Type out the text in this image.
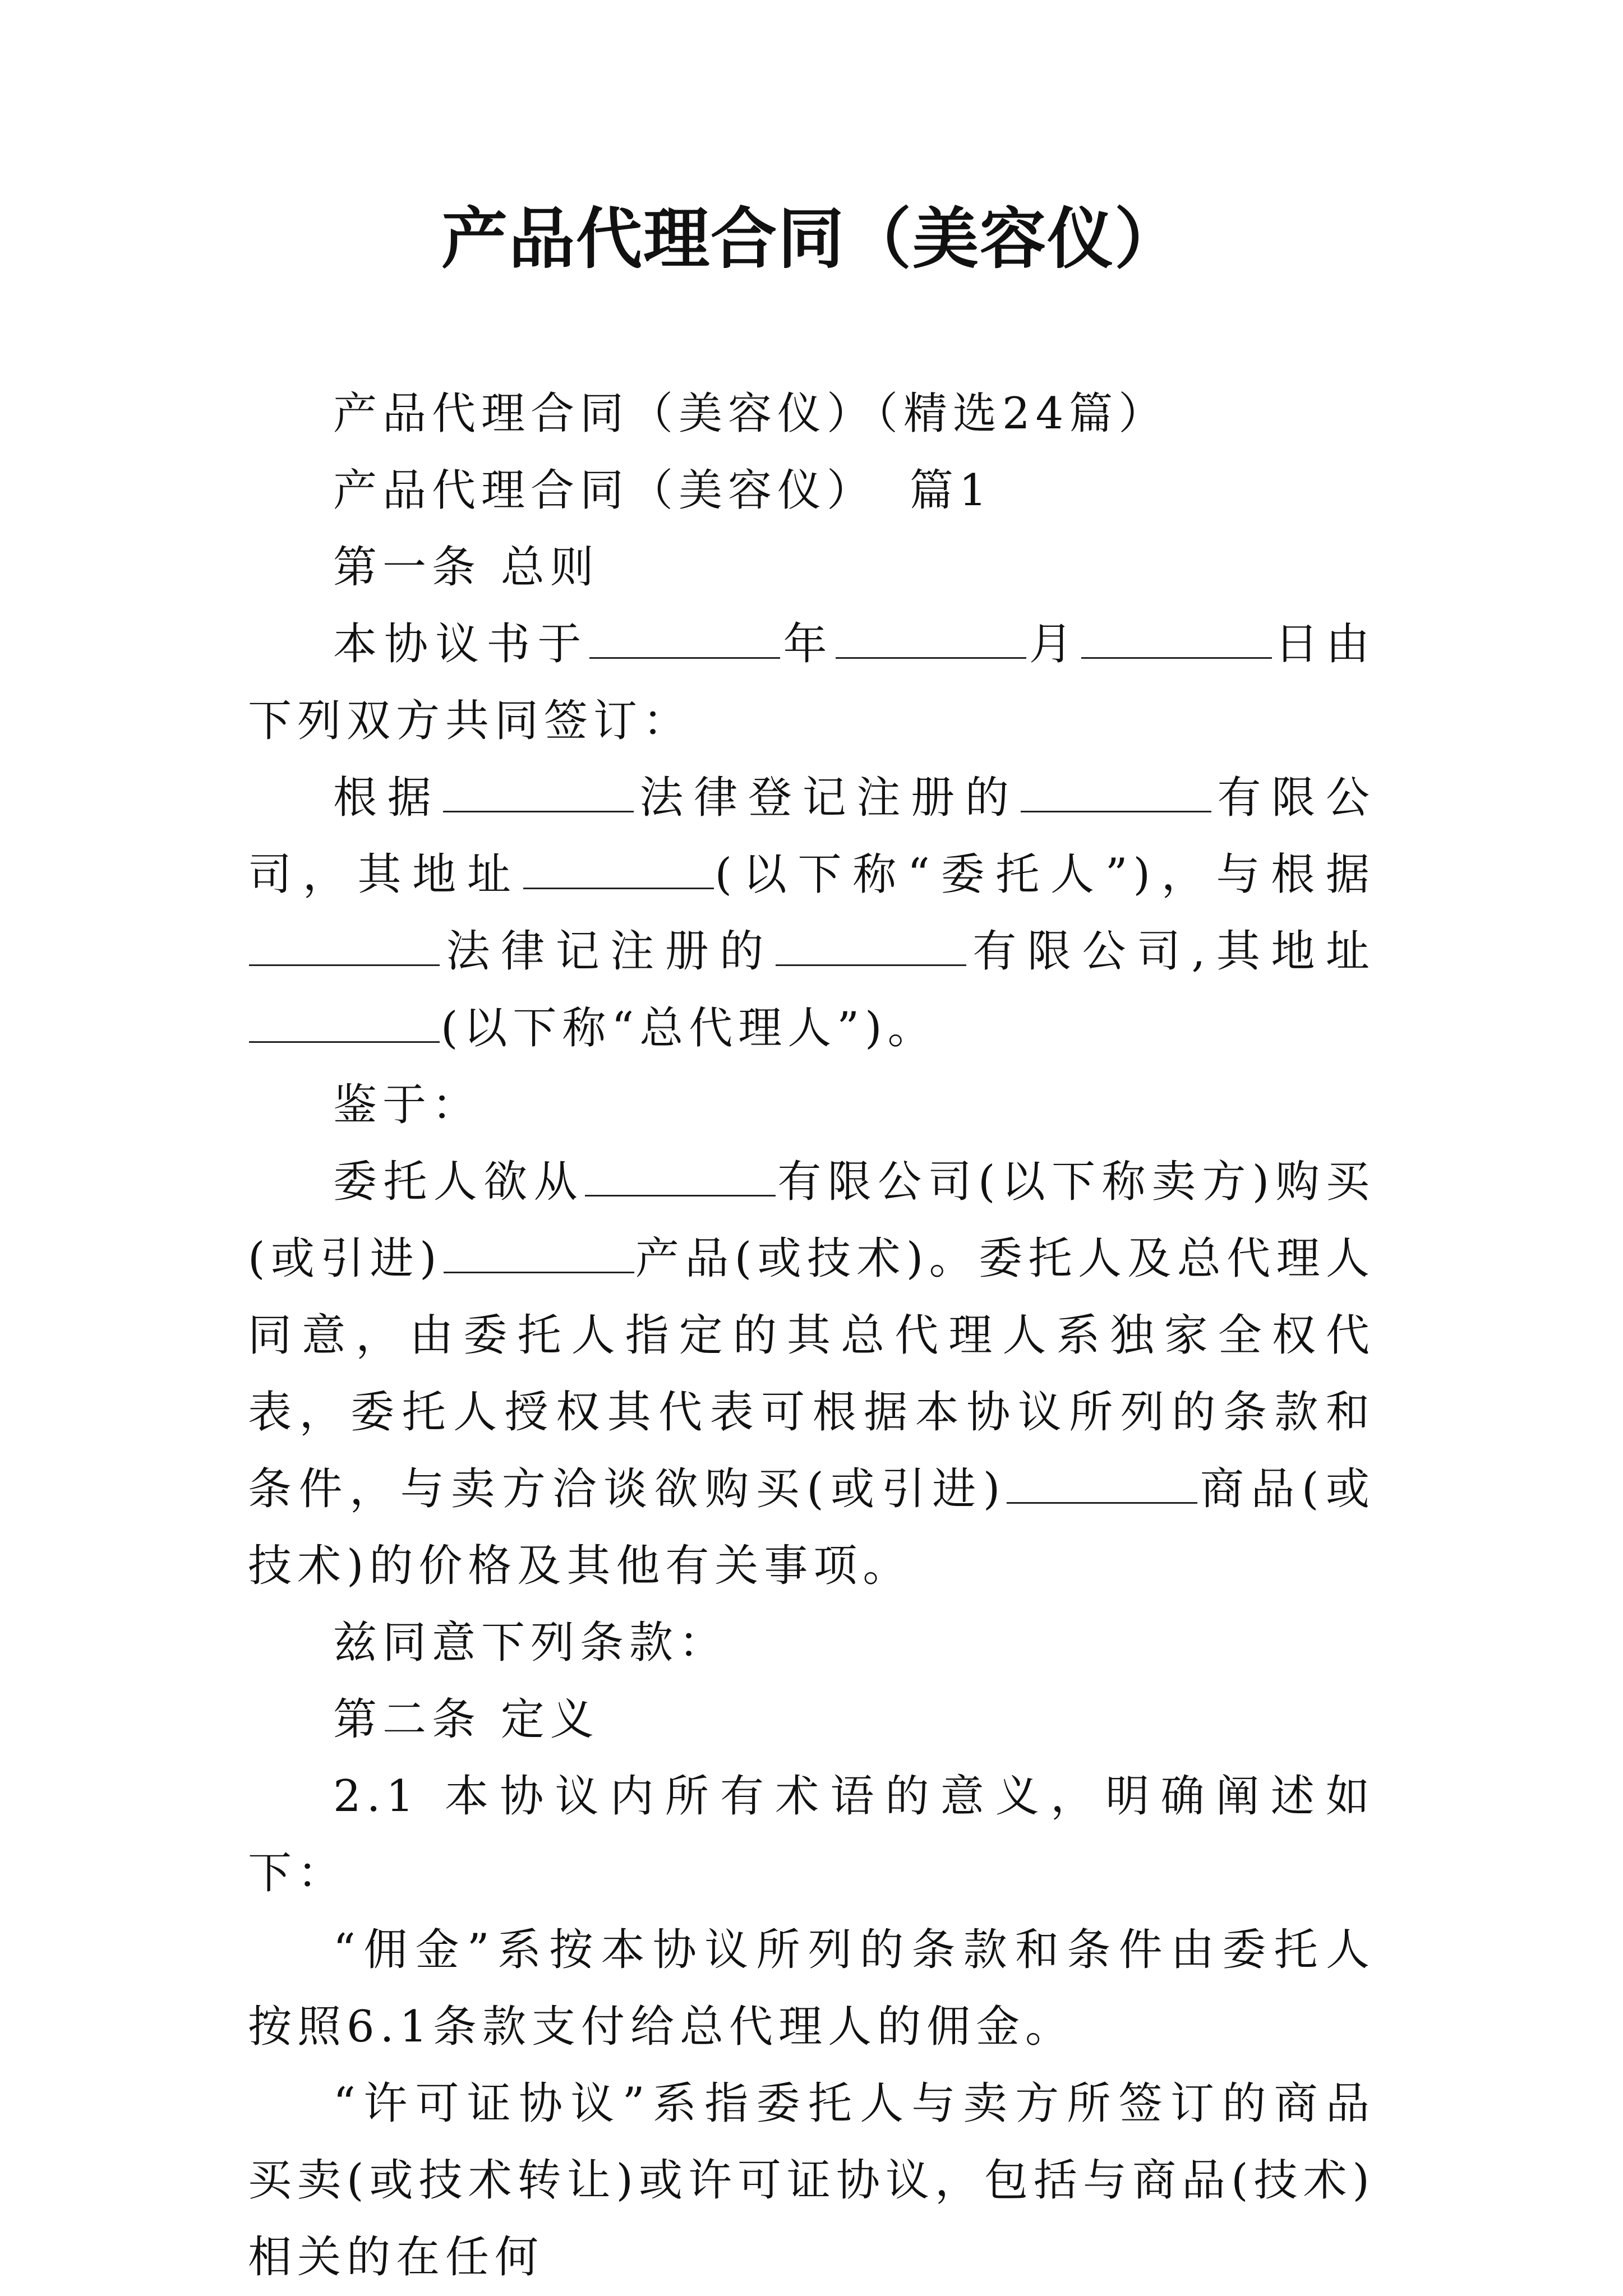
产品代理合同（美容仪）

产品代理合同（美容仪）（精选24篇）

产品代理合同（美容仪） 篇1

第一条 总则

本协议书于	年	月	日由下列双方共同签订：

根据	法律登记注册的	有限公司，其地址	(以下称“委托人”)，与根据法律记注册的	有限公司,其地址(以下称“总代理人”)。

鉴于：

委托人欲从	有限公司(以下称卖方)购买(或引进)	产品(或技术)。委托人及总代理人同意，由委托人指定的其总代理人系独家全权代表，委托人授权其代表可根据本协议所列的条款和条件，与卖方洽谈欲购买(或引进)	商品(或技术)的价格及其他有关事项。

兹同意下列条款：

第二条 定义

2.1 本协议内所有术语的意义，明确阐述如下：

“佣金”系按本协议所列的条款和条件由委托人按照6.1条款支付给总代理人的佣金。

“许可证协议”系指委托人与卖方所签订的商品买卖(或技术转让)或许可证协议，包括与商品(技术)相关的在任何
